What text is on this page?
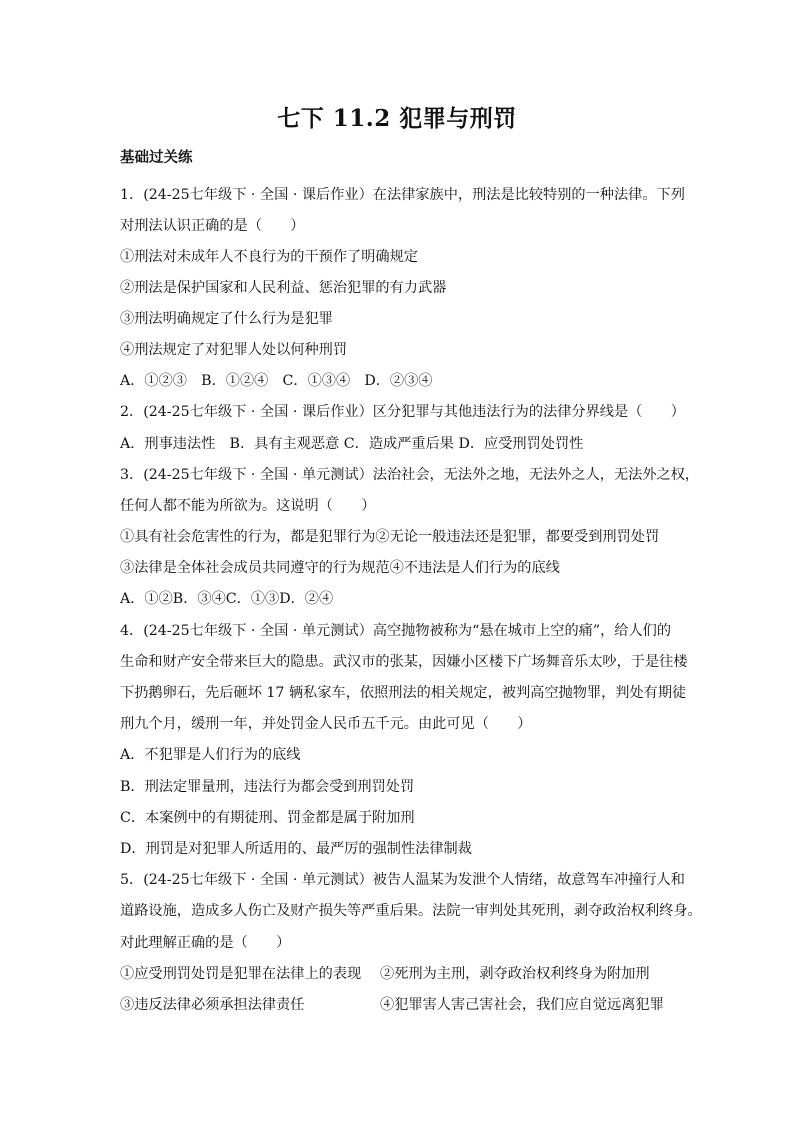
七下 11.2 犯罪与刑罚
基础过关练
1．(24-25七年级下 · 全国 · 课后作业）在法律家族中，刑法是比较特别的一种法律。下列
对刑法认识正确的是（　　）
①刑法对未成年人不良行为的干预作了明确规定
②刑法是保护国家和人民利益、惩治犯罪的有力武器
③刑法明确规定了什么行为是犯罪
④刑法规定了对犯罪人处以何种刑罚
A．①②③　B．①②④　C．①③④　D．②③④
2．(24-25七年级下 · 全国 · 课后作业）区分犯罪与其他违法行为的法律分界线是（　　）
A．刑事违法性　B．具有主观恶意 C．造成严重后果 D．应受刑罚处罚性
3．(24-25七年级下 · 全国 · 单元测试）法治社会，无法外之地，无法外之人，无法外之权，
任何人都不能为所欲为。这说明（　　）
①具有社会危害性的行为，都是犯罪行为②无论一般违法还是犯罪，都要受到刑罚处罚
③法律是全体社会成员共同遵守的行为规范④不违法是人们行为的底线
A．①②B．③④C．①③D．②④
4．(24-25七年级下 · 全国 · 单元测试）高空抛物被称为“悬在城市上空的痛”，给人们的
生命和财产安全带来巨大的隐患。武汉市的张某，因嫌小区楼下广场舞音乐太吵，于是往楼
下扔鹅卵石，先后砸坏 17 辆私家车，依照刑法的相关规定，被判高空抛物罪，判处有期徒
刑九个月，缓刑一年，并处罚金人民币五千元。由此可见（　　）
A．不犯罪是人们行为的底线
B．刑法定罪量刑，违法行为都会受到刑罚处罚
C．本案例中的有期徒刑、罚金都是属于附加刑
D．刑罚是对犯罪人所适用的、最严厉的强制性法律制裁
5．(24-25七年级下 · 全国 · 单元测试）被告人温某为发泄个人情绪，故意驾车冲撞行人和
道路设施，造成多人伤亡及财产损失等严重后果。法院一审判处其死刑，剥夺政治权利终身。
对此理解正确的是（　　）
①应受刑罚处罚是犯罪在法律上的表现 ②死刑为主刑，剥夺政治权利终身为附加刑
③违反法律必须承担法律责任	④犯罪害人害己害社会，我们应自觉远离犯罪
